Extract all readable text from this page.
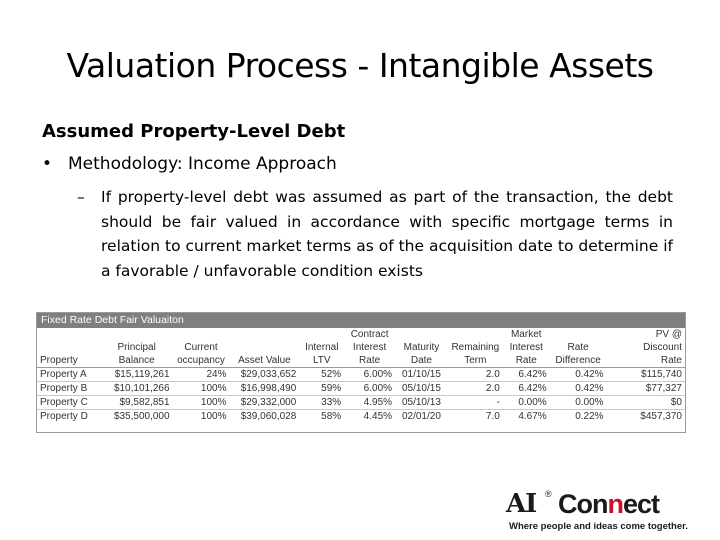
Valuation Process - Intangible Assets
Assumed Property-Level Debt
• Methodology: Income Approach
– If property-level debt was assumed as part of the transaction, the debt should be fair valued in accordance with specific mortgage terms in relation to current market terms as of the acquisition date to determine if a favorable / unfavorable condition exists
Fixed Rate Debt Fair Valuaiton
					Contract			Market		PV @
	Principal	Current		Internal	Interest	Maturity	Remaining	Interest	Rate	Discount
Property	Balance	occupancy	Asset Value	LTV	Rate	Date	Term	Rate	Difference	Rate
Property A	$15,119,261	24%	$29,033,652	52%	6.00%	01/10/15	2.0	6.42%	0.42%	$115,740
Property B	$10,101,266	100%	$16,998,490	59%	6.00%	05/10/15	2.0	6.42%	0.42%	$77,327
Property C	$9,582,851	100%	$29,332,000	33%	4.95%	05/10/13	-	0.00%	0.00%	$0
Property D	$35,500,000	100%	$39,060,028	58%	4.45%	02/01/20	7.0	4.67%	0.22%	$457,370
AI ® Connect
Where people and ideas come together.
